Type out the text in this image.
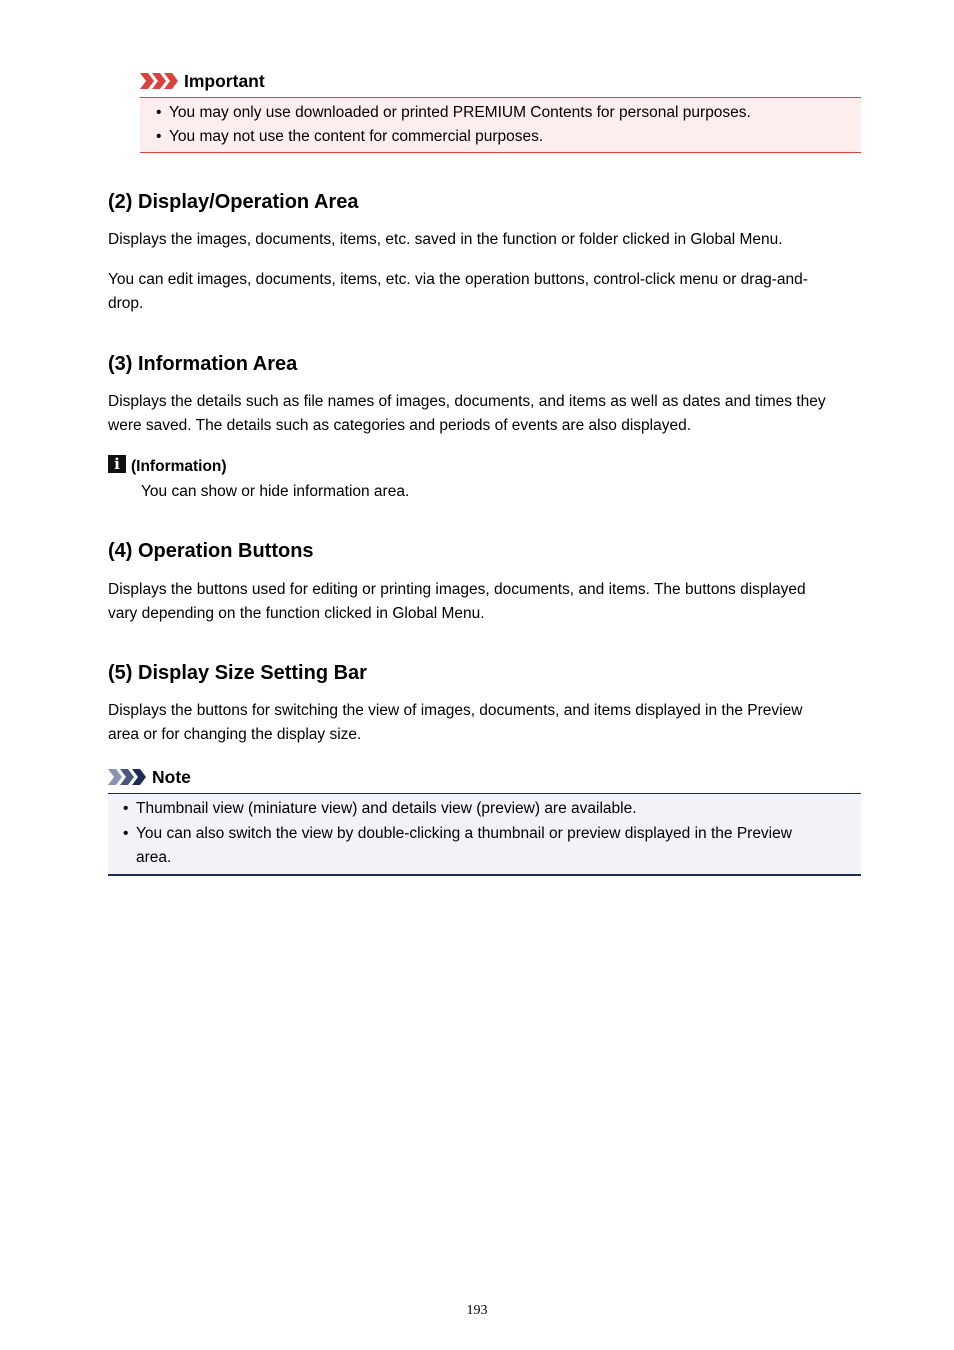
Important
• You may only use downloaded or printed PREMIUM Contents for personal purposes.
• You may not use the content for commercial purposes.
(2) Display/Operation Area

Displays the images, documents, items, etc. saved in the function or folder clicked in Global Menu.

You can edit images, documents, items, etc. via the operation buttons, control-click menu or drag-and-

drop.

(3) Information Area

Displays the details such as file names of images, documents, and items as well as dates and times they

were saved. The details such as categories and periods of events are also displayed.

i (Information)

You can show or hide information area.

(4) Operation Buttons

Displays the buttons used for editing or printing images, documents, and items. The buttons displayed

vary depending on the function clicked in Global Menu.

(5) Display Size Setting Bar

Displays the buttons for switching the view of images, documents, and items displayed in the Preview

area or for changing the display size.

Note
• Thumbnail view (miniature view) and details view (preview) are available.
• You can also switch the view by double-clicking a thumbnail or preview displayed in the Preview
area.
193
